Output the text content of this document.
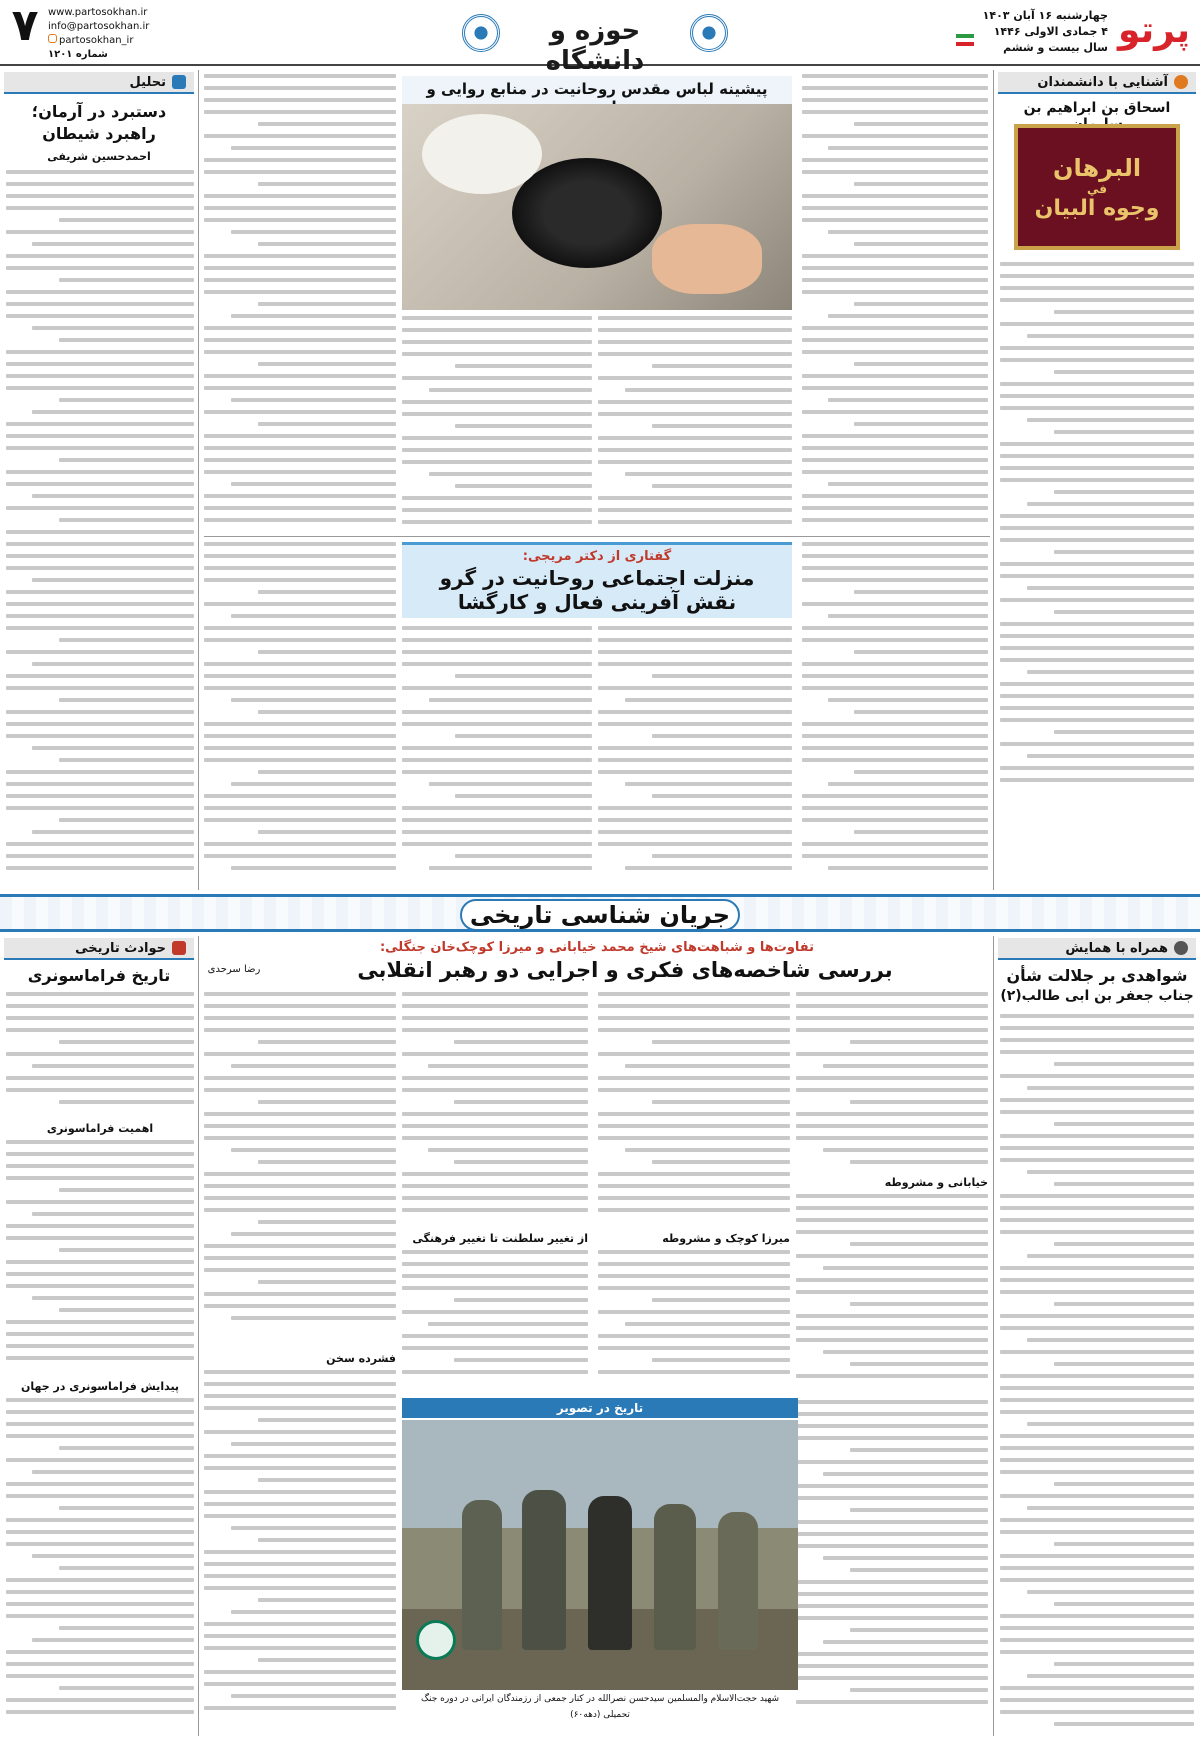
پرتو
چهارشنبه ۱۶ آبان ۱۴۰۳
۴ جمادی الاولی ۱۴۴۶
سال بیست و ششم
حوزه و دانشگاه
www.partosokhan.ir
info@partosokhan.ir
partosokhan_ir
شماره ۱۲۰۱
۷
آشنایی با دانشمندان
اسحاق بن ابراهیم بن
البرهان
في
وجوه البيان
پیشینه لباس مقدس روحانیت در منابع روایی و
گفتاری از دکتر مریجی:
منزلت اجتماعی روحانیت در گرو
نقش آفرینی فعال و کارگشا
تحلیل
دستبرد در آرمان؛
راهبرد شیطان
احمدحسین شریفی
جریان شناسی تاریخی
همراه با همایش
شواهدی بر جلالت شأن
جناب جعفر بن ابی طالب(۲)
تفاوت‌ها و شباهت‌های شیخ محمد خیابانی و میرزا کوچک‌خان جنگلی:
بررسی شاخصه‌های فکری و اجرایی دو رهبر انقلابی
رضا سرحدی
خیابانی و مشروطه
میرزا کوچک و مشروطه
از تغییر سلطنت تا تغییر فرهنگی
فشرده سخن
تاریخ در تصویر
شهید حجت‌الاسلام والمسلمین سیدحسن نصرالله در کنار جمعی از رزمندگان ایرانی در دوره جنگ
تحمیلی (دهه۶۰)
حوادث تاریخی
تاریخ فراماسونری
اهمیت فراماسونری
پیدایش فراماسونری در جهان
